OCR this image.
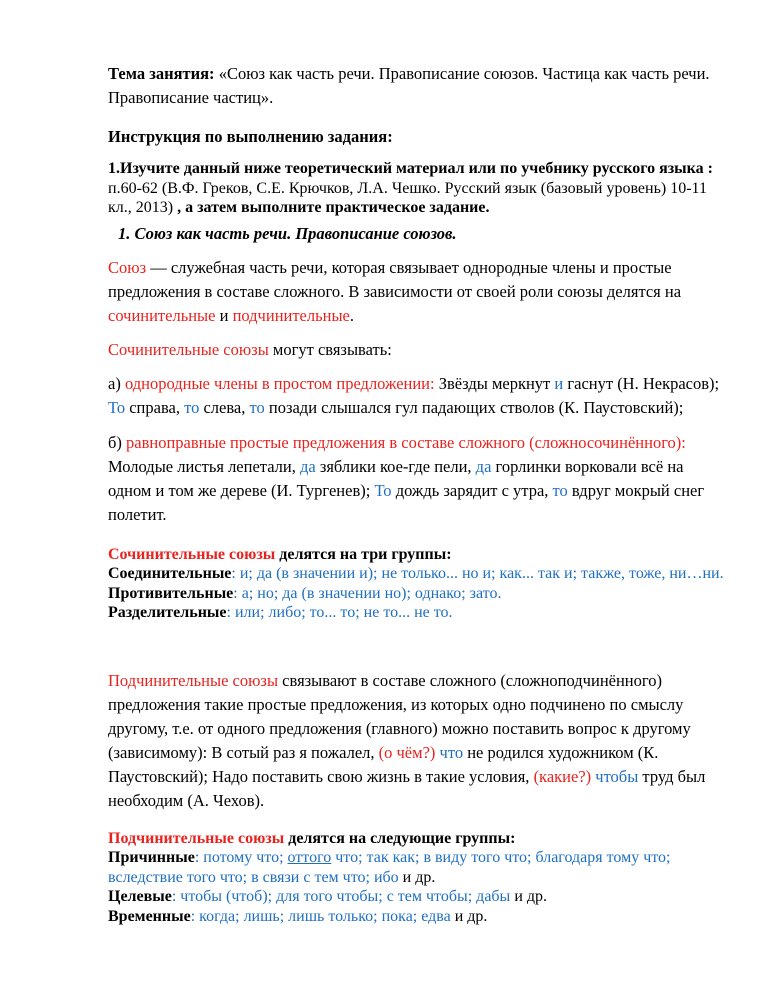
Тема занятия: «Союз как часть речи. Правописание союзов. Частица как часть речи. Правописание частиц».

Инструкция по выполнению задания:

1.Изучите данный ниже теоретический материал или по учебнику русского языка : п.60-62 (В.Ф. Греков, С.Е. Крючков, Л.А. Чешко. Русский язык (базовый уровень) 10-11 кл., 2013) , а затем выполните практическое задание.

1. Союз как часть речи. Правописание союзов.

Союз — служебная часть речи, которая связывает однородные члены и простые предложения в составе сложного. В зависимости от своей роли союзы делятся на сочинительные и подчинительные.

Сочинительные союзы могут связывать:

а) однородные члены в простом предложении: Звёзды меркнут и гаснут (Н. Некрасов); То справа, то слева, то позади слышался гул падающих стволов (К. Паустовский);

б) равноправные простые предложения в составе сложного (сложносочинённого): Молодые листья лепетали, да зяблики кое-где пели, да горлинки ворковали всё на одном и том же дереве (И. Тургенев); То дождь зарядит с утра, то вдруг мокрый снег полетит.

Сочинительные союзы делятся на три группы:

Соединительные: и; да (в значении и); не только... но и; как... так и; также, тоже, ни…ни.

Противительные: а; но; да (в значении но); однако; зато.

Разделительные: или; либо; то... то; не то... не то.

Подчинительные союзы связывают в составе сложного (сложноподчинённого) предложения такие простые предложения, из которых одно подчинено по смыслу другому, т.е. от одного предложения (главного) можно поставить вопрос к другому (зависимому): В сотый раз я пожалел, (о чём?) что не родился художником (К. Паустовский); Надо поставить свою жизнь в такие условия, (какие?) чтобы труд был необходим (А. Чехов).

Подчинительные союзы делятся на следующие группы:

Причинные: потому что; оттого что; так как; в виду того что; благодаря тому что; вследствие того что; в связи с тем что; ибо и др.

Целевые: чтобы (чтоб); для того чтобы; с тем чтобы; дабы и др.

Временные: когда; лишь; лишь только; пока; едва и др.
